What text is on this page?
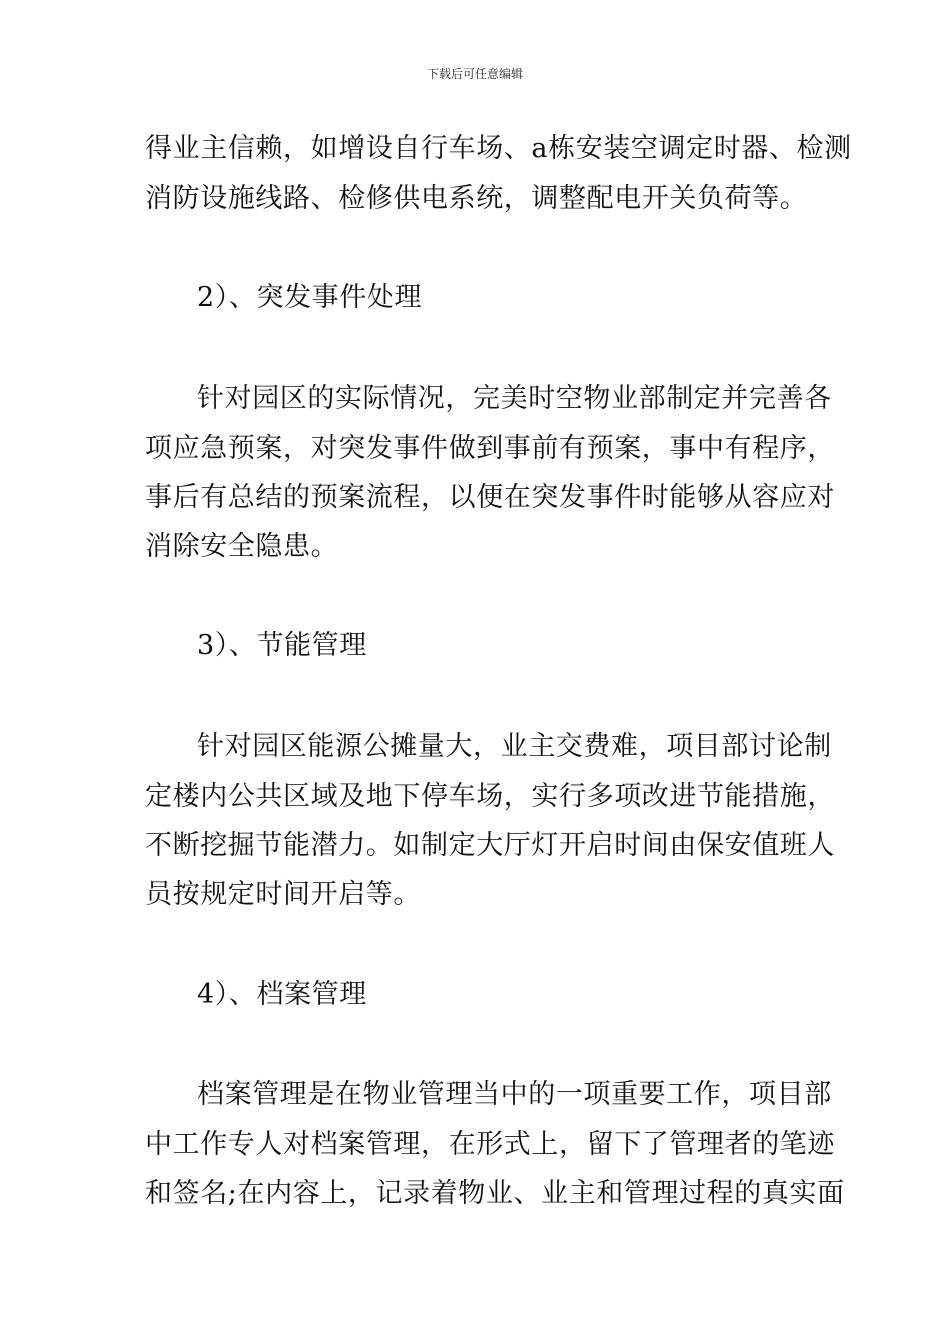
下载后可任意编辑
得业主信赖，如增设自行车场、a栋安装空调定时器、检测
消防设施线路、检修供电系统，调整配电开关负荷等。
2）、突发事件处理
针对园区的实际情况，完美时空物业部制定并完善各
项应急预案，对突发事件做到事前有预案，事中有程序，
事后有总结的预案流程，以便在突发事件时能够从容应对
消除安全隐患。
3）、节能管理
针对园区能源公摊量大，业主交费难，项目部讨论制
定楼内公共区域及地下停车场，实行多项改进节能措施，
不断挖掘节能潜力。如制定大厅灯开启时间由保安值班人
员按规定时间开启等。
4）、档案管理
档案管理是在物业管理当中的一项重要工作，项目部
中工作专人对档案管理，在形式上，留下了管理者的笔迹
和签名;在内容上，记录着物业、业主和管理过程的真实面
